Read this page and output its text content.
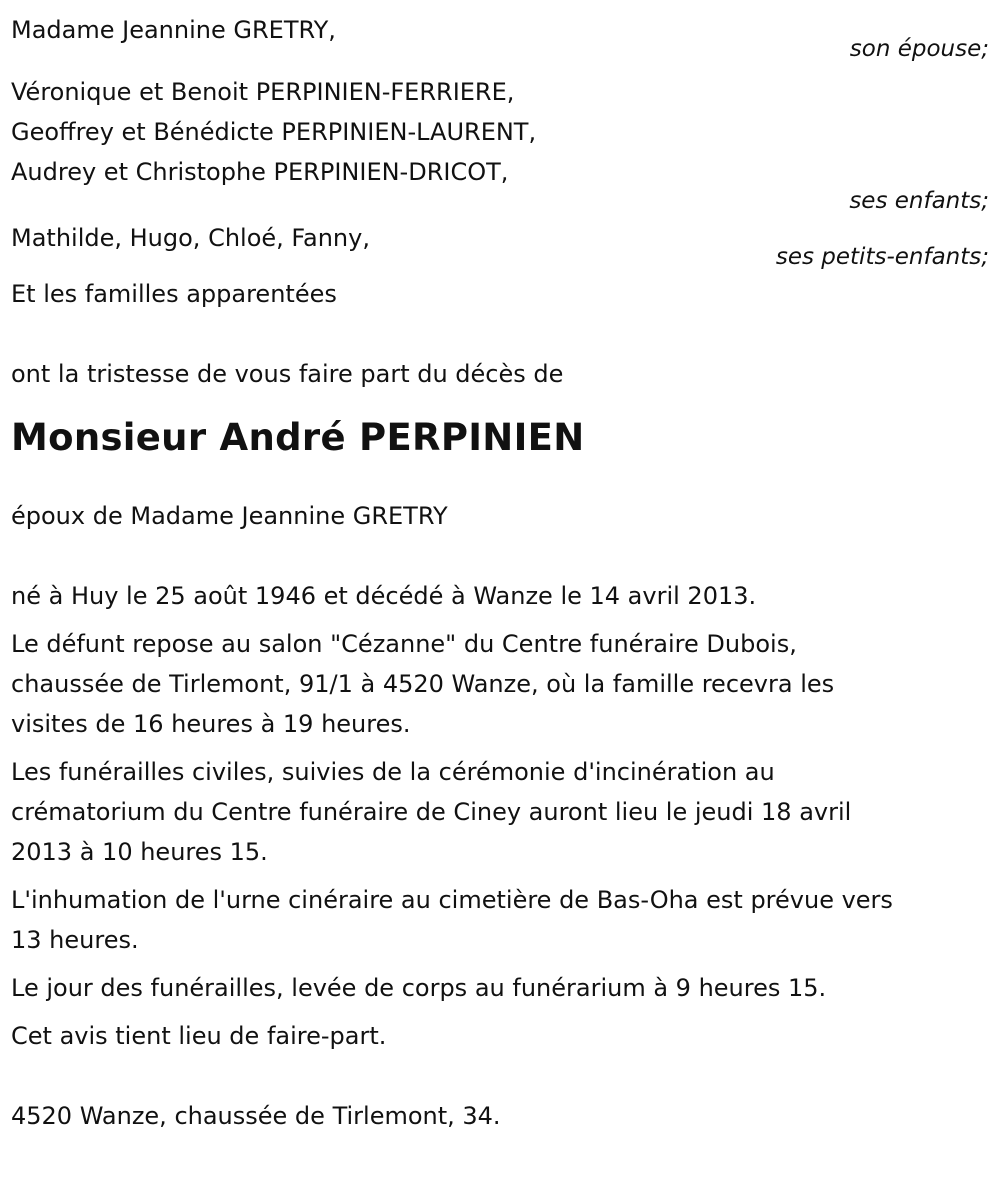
Madame Jeannine GRETRY,
son épouse;
Véronique et Benoit PERPINIEN-FERRIERE,
Geoffrey et Bénédicte PERPINIEN-LAURENT,
Audrey et Christophe PERPINIEN-DRICOT,
ses enfants;
Mathilde, Hugo, Chloé, Fanny,
ses petits-enfants;
Et les familles apparentées
ont la tristesse de vous faire part du décès de
Monsieur André PERPINIEN
époux de Madame Jeannine GRETRY
né à Huy le 25 août 1946 et décédé à Wanze le 14 avril 2013.
Le défunt repose au salon "Cézanne" du Centre funéraire Dubois,
chaussée de Tirlemont, 91/1 à 4520 Wanze, où la famille recevra les
visites de 16 heures à 19 heures.
Les funérailles civiles, suivies de la cérémonie d'incinération au
crématorium du Centre funéraire de Ciney auront lieu le jeudi 18 avril
2013 à 10 heures 15.
L'inhumation de l'urne cinéraire au cimetière de Bas-Oha est prévue vers
13 heures.
Le jour des funérailles, levée de corps au funérarium à 9 heures 15.
Cet avis tient lieu de faire-part.
4520 Wanze, chaussée de Tirlemont, 34.
